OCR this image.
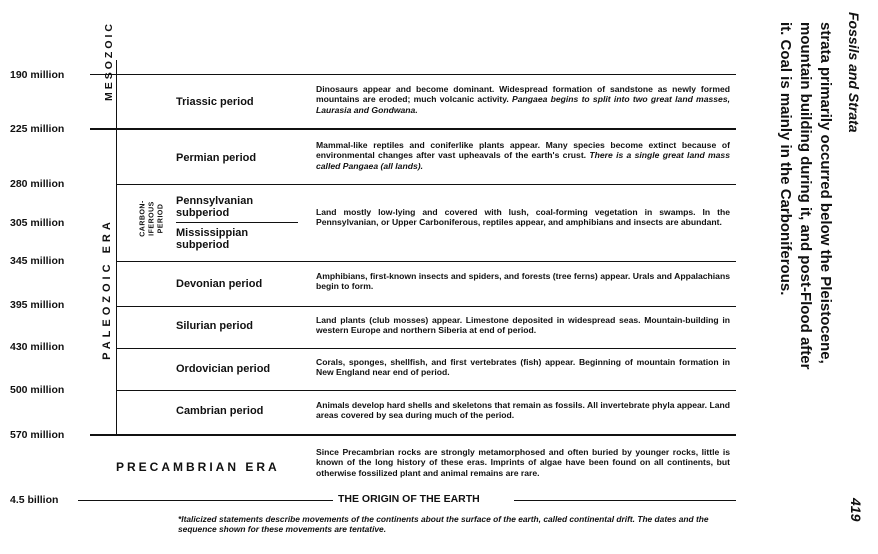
190 million
225 million
280 million
305 million
345 million
395 million
430 million
500 million
570 million
4.5 billion
MESOZOIC
PALEOZOIC ERA	CARBON- IFEROUS PERIOD
Triassic period
Permian period
Pennsylvanian
subperiod
Mississippian
subperiod
Devonian period
Silurian period
Ordovician period
Cambrian period
Dinosaurs appear and become dominant. Widespread formation of sandstone as newly formed mountains are eroded; much volcanic activity. Pangaea begins to split into two great land masses, Laurasia and Gondwana.
Mammal-like reptiles and coniferlike plants appear. Many species become extinct because of environmental changes after vast upheavals of the earth's crust. There is a single great land mass called Pangaea (all lands).
Land mostly low-lying and covered with lush, coal-forming vegetation in swamps. In the Pennsylvanian, or Upper Carboniferous, reptiles appear, and amphibians and insects are abundant.
Amphibians, first-known insects and spiders, and forests (tree ferns) appear. Urals and Appalachians begin to form.
Land plants (club mosses) appear. Limestone deposited in widespread seas. Mountain-building in western Europe and northern Siberia at end of period.
Corals, sponges, shellfish, and first vertebrates (fish) appear. Beginning of mountain formation in New England near end of period.
Animals develop hard shells and skeletons that remain as fossils. All invertebrate phyla appear. Land areas covered by sea during much of the period.
Since Precambrian rocks are strongly metamorphosed and often buried by younger rocks, little is known of the long history of these eras. Imprints of algae have been found on all continents, but otherwise fossilized plant and animal remains are rare.
PRECAMBRIAN ERA
THE ORIGIN OF THE EARTH
*Italicized statements describe movements of the continents about the surface of the earth, called continental drift. The dates and the sequence shown for these movements are tentative.
Fossils and Strata
strata primarily occurred below the Pleistocene,
mountain building during it, and post-Flood after
it. Coal is mainly in the Carboniferous.
419
